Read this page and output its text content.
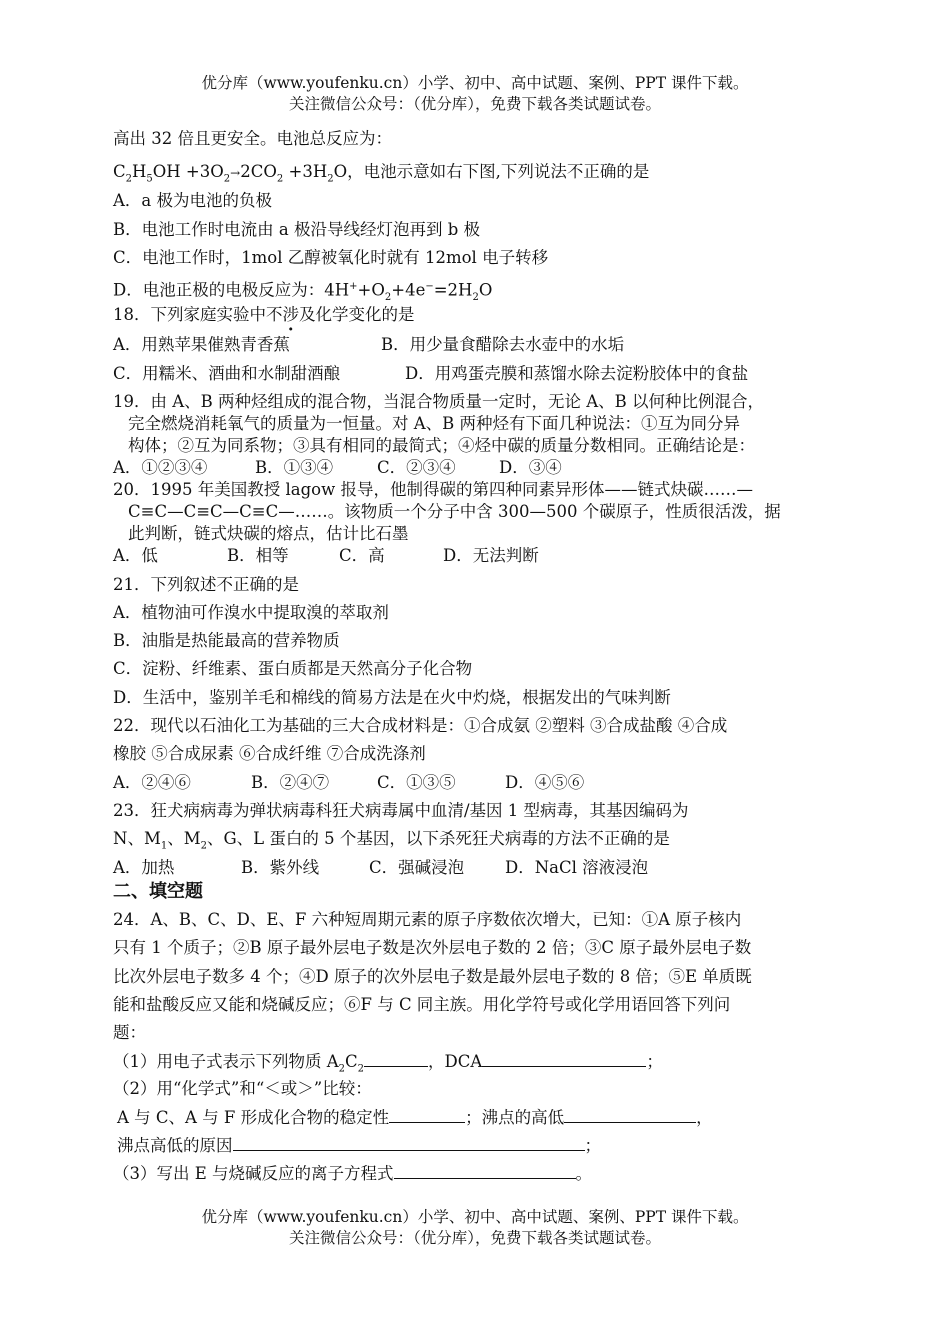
优分库（www.youfenku.cn）小学、初中、高中试题、案例、PPT 课件下载。
关注微信公众号：（优分库），免费下载各类试题试卷。
高出 32 倍且更安全。电池总反应为：
$C_2H_5OH +3O_2\to 2CO_2 +3H_2O$，电池示意如右下图,下列说法不正确的是
A．a 极为电池的负极
B．电池工作时电流由 a 极沿导线经灯泡再到 b 极
C．电池工作时，1mol 乙醇被氧化时就有 12mol 电子转移
D．电池正极的电极反应为：$4H^++O_2+4e^-=2H_2O$
18．下列家庭实验中不涉及化学变化的是
A．用熟苹果催熟青香蕉	B．用少量食醋除去水壶中的水垢
C．用糯米、酒曲和水制甜酒酿	D．用鸡蛋壳膜和蒸馏水除去淀粉胶体中的食盐
19．由 A、B 两种烃组成的混合物，当混合物质量一定时，无论 A、B 以何种比例混合，
完全燃烧消耗氧气的质量为一恒量。对 A、B 两种烃有下面几种说法：①互为同分异
构体；②互为同系物；③具有相同的最简式；④烃中碳的质量分数相同。正确结论是：
A．①②③④	B．①③④	C．②③④	D．③④
20．1995 年美国教授 lagow 报导，他制得碳的第四种同素异形体——链式炔碳……—
C≡C—C≡C—C≡C—……。该物质一个分子中含 300—500 个碳原子，性质很活泼，据
此判断，链式炔碳的熔点，估计比石墨
A．低	B．相等	C．高	D．无法判断
21．下列叙述不正确的是
A．植物油可作溴水中提取溴的萃取剂
B．油脂是热能最高的营养物质
C．淀粉、纤维素、蛋白质都是天然高分子化合物
D．生活中，鉴别羊毛和棉线的简易方法是在火中灼烧，根据发出的气味判断
22．现代以石油化工为基础的三大合成材料是：①合成氨 ②塑料 ③合成盐酸 ④合成
橡胶 ⑤合成尿素 ⑥合成纤维 ⑦合成洗涤剂
A．②④⑥	B．②④⑦	C．①③⑤	D．④⑤⑥
23．狂犬病病毒为弹状病毒科狂犬病毒属中血清/基因 1 型病毒，其基因编码为
N、$M_1$、$M_2$、G、L 蛋白的 5 个基因，以下杀死狂犬病毒的方法不正确的是
A．加热	B．紫外线	C．强碱浸泡 D．NaCl 溶液浸泡
二、填空题
24．A、B、C、D、E、F 六种短周期元素的原子序数依次增大，已知：①A 原子核内
只有 1 个质子；②B 原子最外层电子数是次外层电子数的 2 倍；③C 原子最外层电子数
比次外层电子数多 4 个；④D 原子的次外层电子数是最外层电子数的 8 倍；⑤E 单质既
能和盐酸反应又能和烧碱反应；⑥F 与 C 同主族。用化学符号或化学用语回答下列问
题：
（1）用电子式表示下列物质 $A_2C_2$	，DCA	；
（2）用“化学式”和“＜或＞”比较：
A 与 C、A 与 F 形成化合物的稳定性	；沸点的高低	，
沸点高低的原因	；
（3）写出 E 与烧碱反应的离子方程式	。
优分库（www.youfenku.cn）小学、初中、高中试题、案例、PPT 课件下载。
关注微信公众号：（优分库），免费下载各类试题试卷。
